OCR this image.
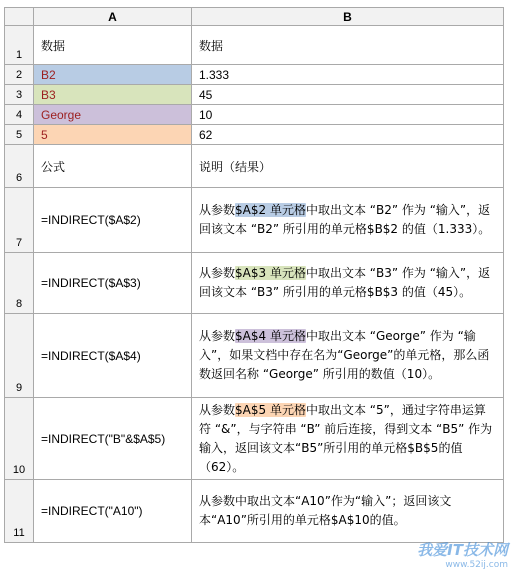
	A	B
1	数据	数据
2	B2	1.333
3	B3	45
4	George	10
5	5	62
6	公式	说明（结果）
7	=INDIRECT($A$2)	从参数$A$2 单元格中取出文本 “B2” 作为 “输入”，返回该文本 “B2” 所引用的单元格$B$2 的值（1.333）。
8	=INDIRECT($A$3)	从参数$A$3 单元格中取出文本 “B3” 作为 “输入”，返回该文本 “B3” 所引用的单元格$B$3 的值（45）。
9	=INDIRECT($A$4)	从参数$A$4 单元格中取出文本 “George” 作为 “输入”，如果文档中存在名为“George”的单元格，那么函数返回名称 “George” 所引用的数值（10）。
10	=INDIRECT("B"&$A$5)	从参数$A$5 单元格中取出文本 “5”，通过字符串运算符 “&”，与字符串 “B” 前后连接，得到文本 “B5” 作为输入，返回该文本“B5”所引用的单元格$B$5的值（62）。
11	=INDIRECT("A10")	从参数中取出文本“A10”作为“输入”；返回该文本“A10”所引用的单元格$A$10的值。
我爱IT技术网
www.52ij.com
